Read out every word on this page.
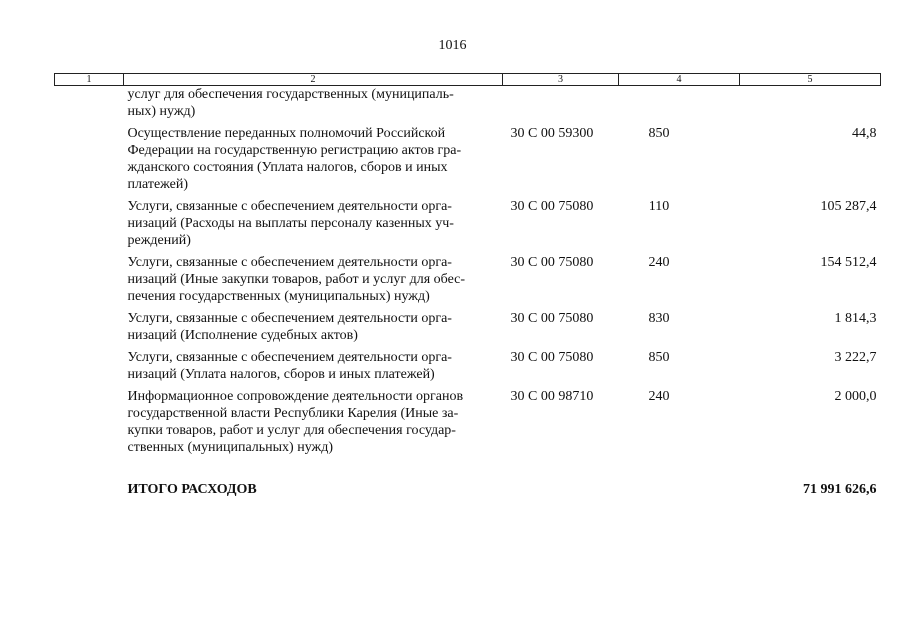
1016
1	2	3	4	5
	услуг для обеспечения государственных (муниципаль-
ных) нужд)			
	Осуществление переданных полномочий Российской
Федерации на государственную регистрацию актов гра-
жданского состояния (Уплата налогов, сборов и иных
платежей)	30 С 00 59300	850	44,8
	Услуги, связанные с обеспечением деятельности орга-
низаций (Расходы на выплаты персоналу казенных уч-
реждений)	30 С 00 75080	110	105 287,4
	Услуги, связанные с обеспечением деятельности орга-
низаций (Иные закупки товаров, работ и услуг для обес-
печения государственных (муниципальных) нужд)	30 С 00 75080	240	154 512,4
	Услуги, связанные с обеспечением деятельности орга-
низаций (Исполнение судебных актов)	30 С 00 75080	830	1 814,3
	Услуги, связанные с обеспечением деятельности орга-
низаций (Уплата налогов, сборов и иных платежей)	30 С 00 75080	850	3 222,7
	Информационное сопровождение деятельности органов
государственной власти Республики Карелия (Иные за-
купки товаров, работ и услуг для обеспечения государ-
ственных (муниципальных) нужд)	30 С 00 98710	240	2 000,0
	ИТОГО РАСХОДОВ			71 991 626,6
